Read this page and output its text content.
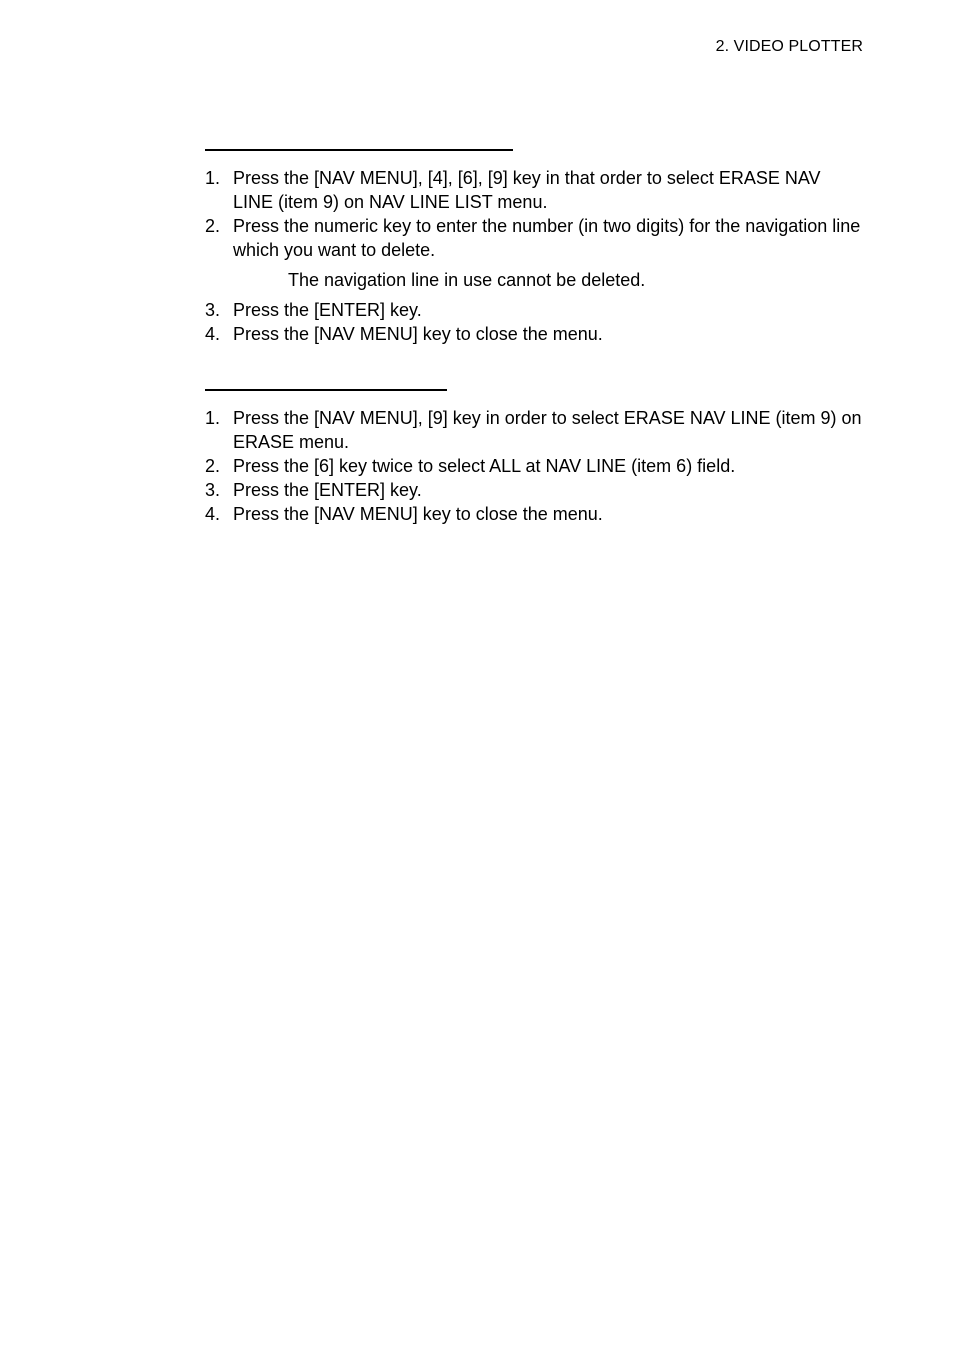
2. VIDEO PLOTTER
1. Press the [NAV MENU], [4], [6], [9] key in that order to select ERASE NAV LINE (item 9) on NAV LINE LIST menu.
2. Press the numeric key to enter the number (in two digits) for the navigation line which you want to delete.
The navigation line in use cannot be deleted.
3. Press the [ENTER] key.
4. Press the [NAV MENU] key to close the menu.
1. Press the [NAV MENU], [9] key in order to select ERASE NAV LINE (item 9) on ERASE menu.
2. Press the [6] key twice to select ALL at NAV LINE (item 6) field.
3. Press the [ENTER] key.
4. Press the [NAV MENU] key to close the menu.
